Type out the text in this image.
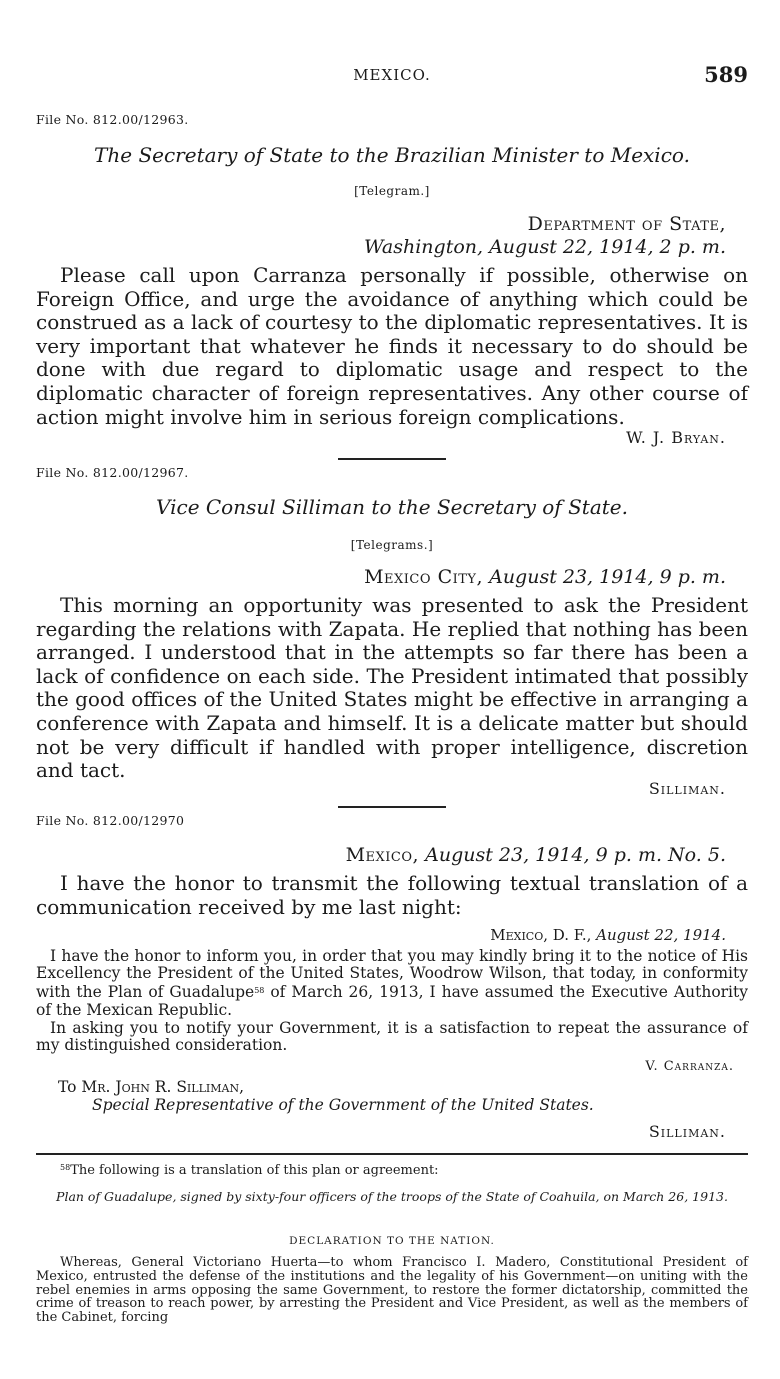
MEXICO.	589
File No. 812.00/12963.
The Secretary of State to the Brazilian Minister to Mexico.
[Telegram.]
Department of State,
Washington, August 22, 1914, 2 p. m.

Please call upon Carranza personally if possible, otherwise on Foreign Office, and urge the avoidance of anything which could be construed as a lack of courtesy to the diplomatic representatives. It is very important that whatever he finds it necessary to do should be done with due regard to diplomatic usage and respect to the diplomatic character of foreign representatives. Any other course of action might involve him in serious foreign complications.

W. J. Bryan.
File No. 812.00/12967.
Vice Consul Silliman to the Secretary of State.
[Telegrams.]
Mexico City, August 23, 1914, 9 p. m.

This morning an opportunity was presented to ask the President regarding the relations with Zapata. He replied that nothing has been arranged. I understood that in the attempts so far there has been a lack of confidence on each side. The President intimated that possibly the good offices of the United States might be effective in arranging a conference with Zapata and himself. It is a delicate matter but should not be very difficult if handled with proper intelligence, discretion and tact.

Silliman.
File No. 812.00/12970
Mexico, August 23, 1914, 9 p. m. No. 5.

I have the honor to transmit the following textual translation of a communication received by me last night:

Mexico, D. F., August 22, 1914.

I have the honor to inform you, in order that you may kindly bring it to the notice of His Excellency the President of the United States, Woodrow Wilson, that today, in conformity with the Plan of Guadalupe$^{58}$ of March 26, 1913, I have assumed the Executive Authority of the Mexican Republic.

In asking you to notify your Government, it is a satisfaction to repeat the assurance of my distinguished consideration.

V. Carranza.
To Mr. John R. Silliman,
Special Representative of the Government of the United States.
Silliman.
$^{58}$The following is a translation of this plan or agreement:
Plan of Guadalupe, signed by sixty-four officers of the troops of the State of Coahuila, on March 26, 1913.
DECLARATION TO THE NATION.

Whereas, General Victoriano Huerta—to whom Francisco I. Madero, Constitutional President of Mexico, entrusted the defense of the institutions and the legality of his Government—on uniting with the rebel enemies in arms opposing the same Government, to restore the former dictatorship, committed the crime of treason to reach power, by arresting the President and Vice President, as well as the members of the Cabinet, forcing
